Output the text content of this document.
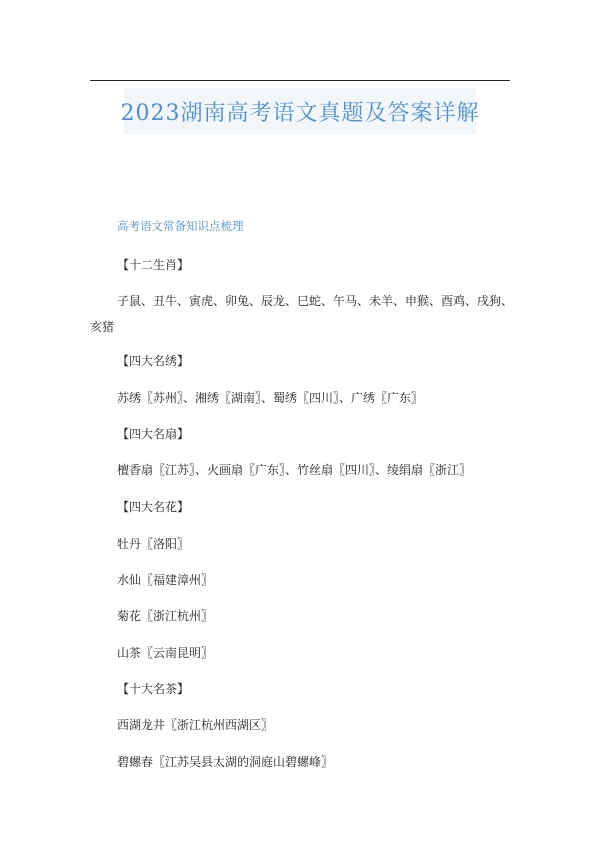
2023湖南高考语文真题及答案详解
高考语文常备知识点梳理
【十二生肖】
子鼠、丑牛、寅虎、卯兔、辰龙、巳蛇、午马、未羊、申猴、酉鸡、戌狗、
亥猪
【四大名绣】
苏绣〖苏州〗、湘绣〖湖南〗、蜀绣〖四川〗、广绣〖广东〗
【四大名扇】
檀香扇〖江苏〗、火画扇〖广东〗、竹丝扇〖四川〗、绫绢扇〖浙江〗
【四大名花】
牡丹〖洛阳〗
水仙〖福建漳州〗
菊花〖浙江杭州〗
山茶〖云南昆明〗
【十大名茶】
西湖龙井〖浙江杭州西湖区〗
碧螺春〖江苏吴县太湖的洞庭山碧螺峰〗
